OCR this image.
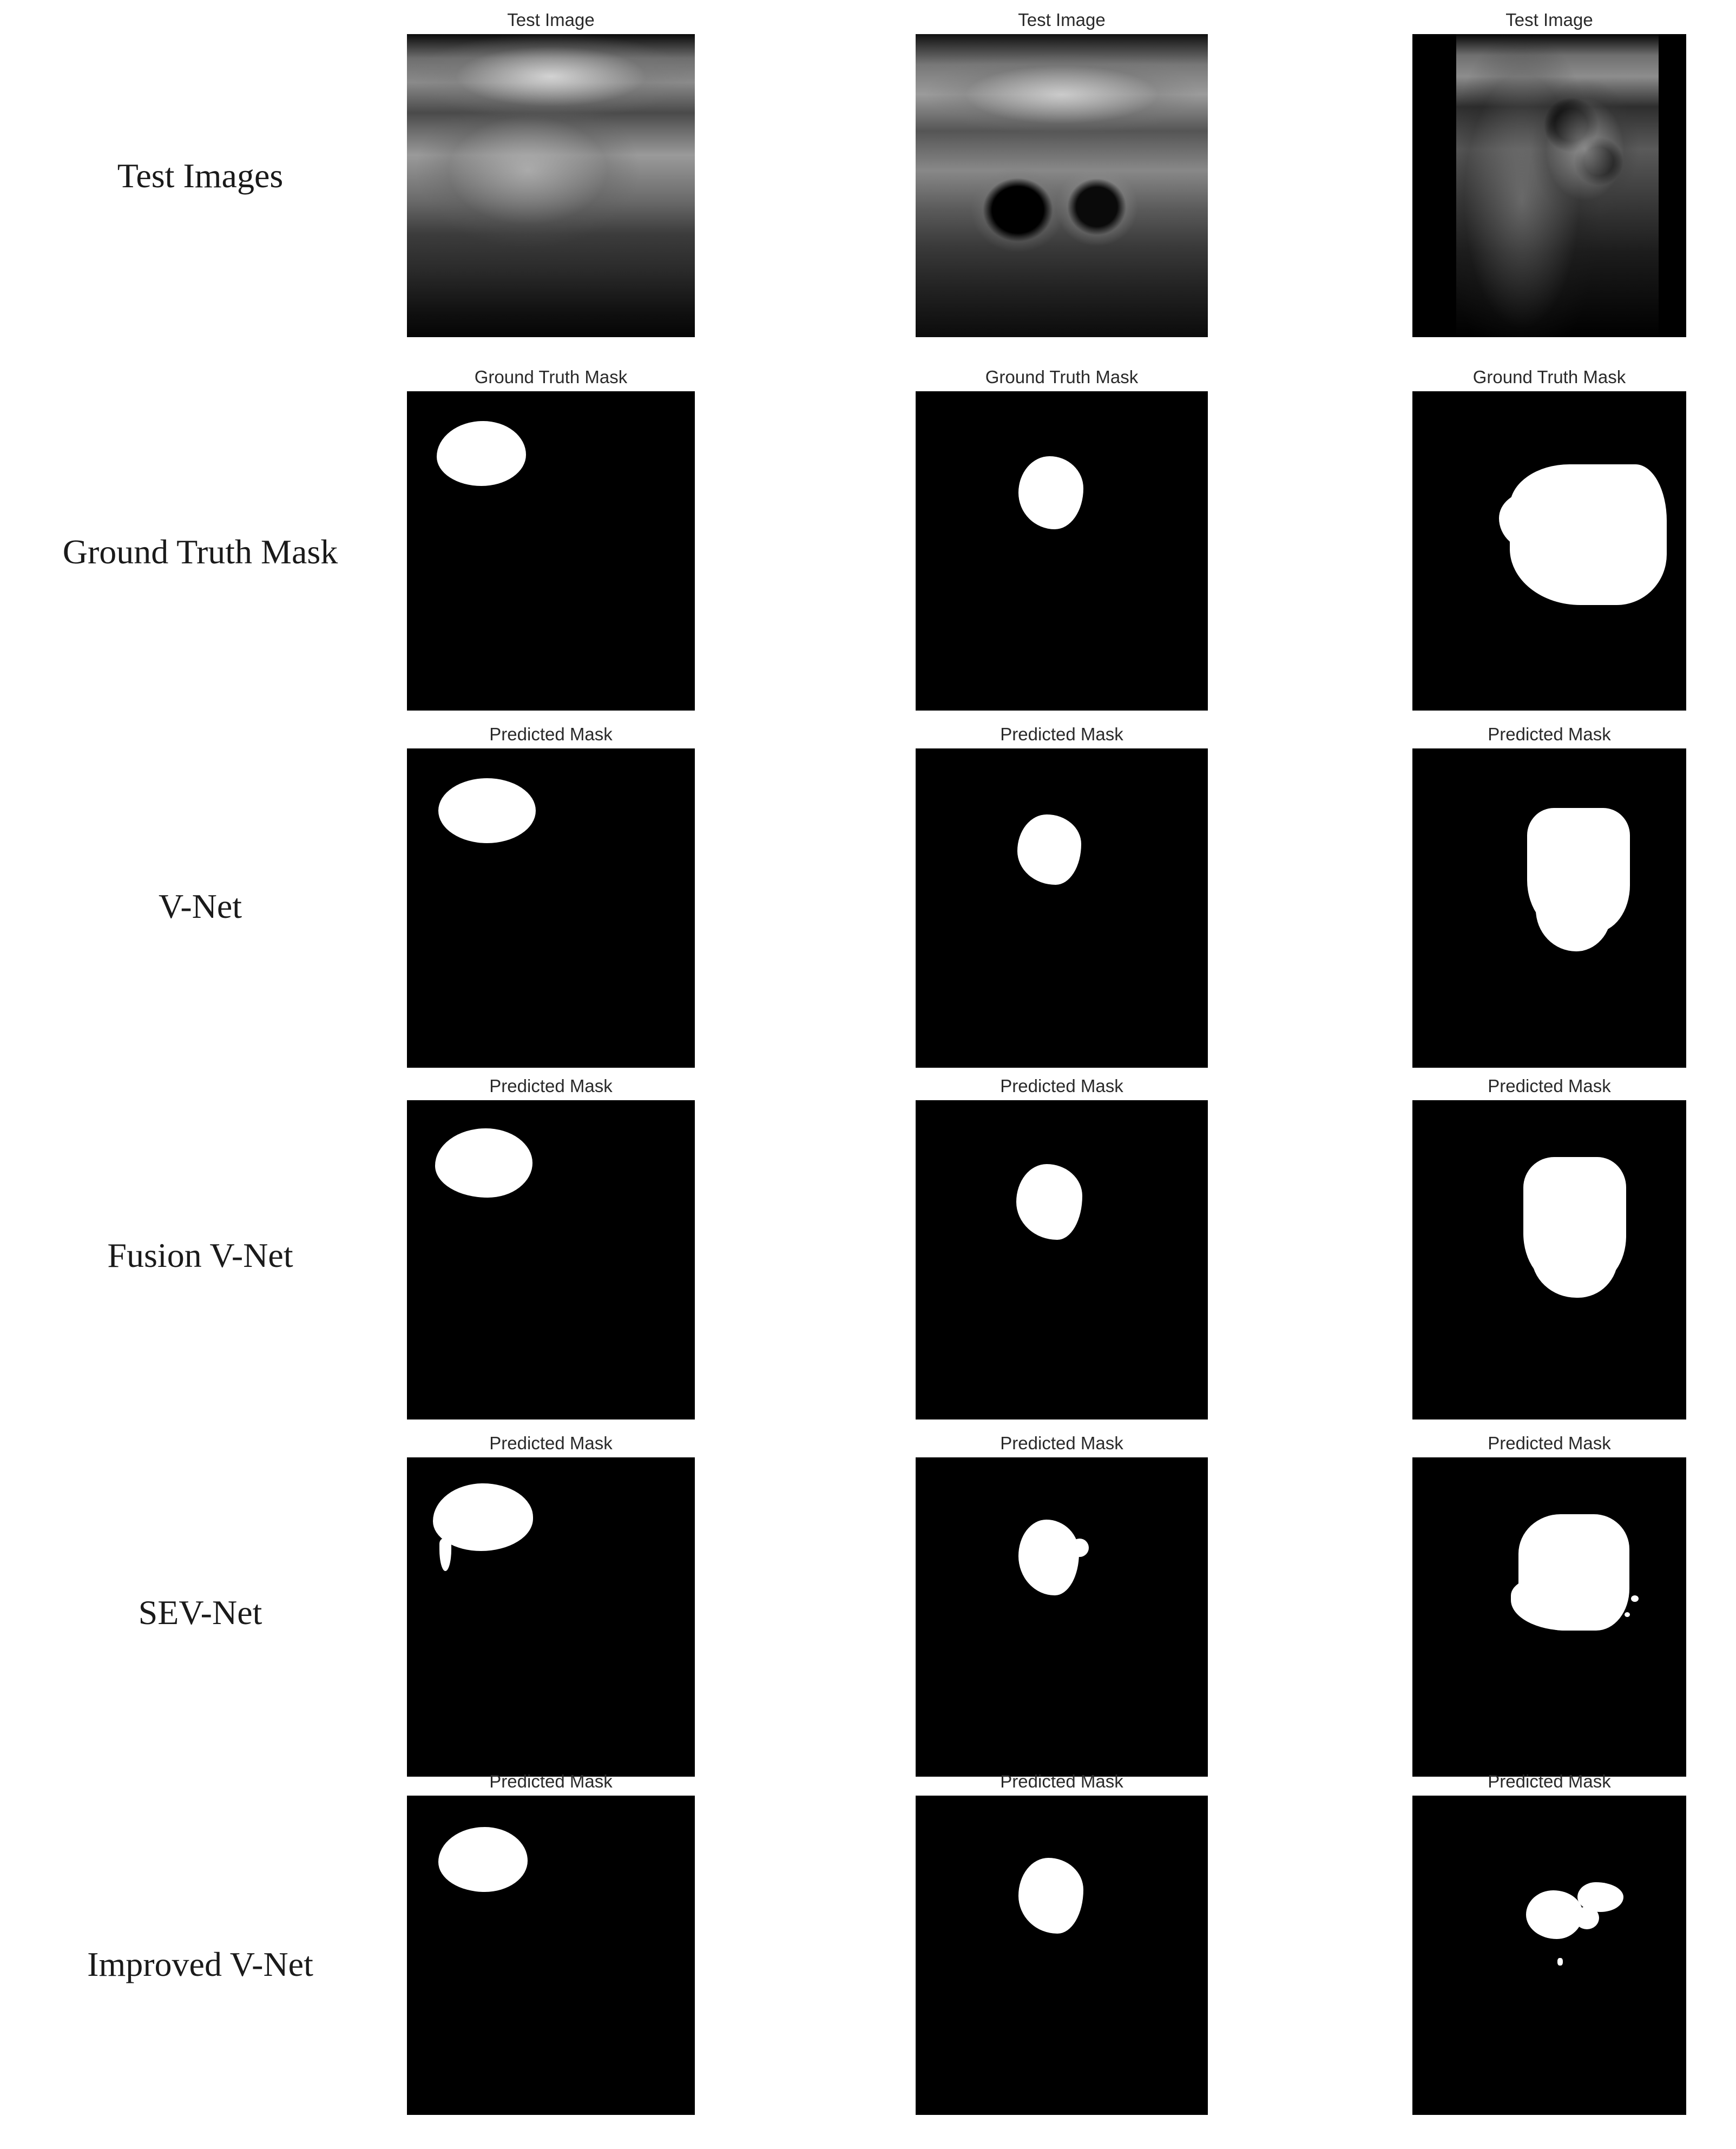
Test Images
Test Image	Test Image	Test Image
Ground Truth Mask
Ground Truth Mask	Ground Truth Mask	Ground Truth Mask
V-Net
Predicted Mask	Predicted Mask	Predicted Mask
Fusion V-Net
Predicted Mask	Predicted Mask	Predicted Mask
SEV-Net
Predicted Mask	Predicted Mask	Predicted Mask
Improved V-Net
Predicted Mask	Predicted Mask	Predicted Mask
